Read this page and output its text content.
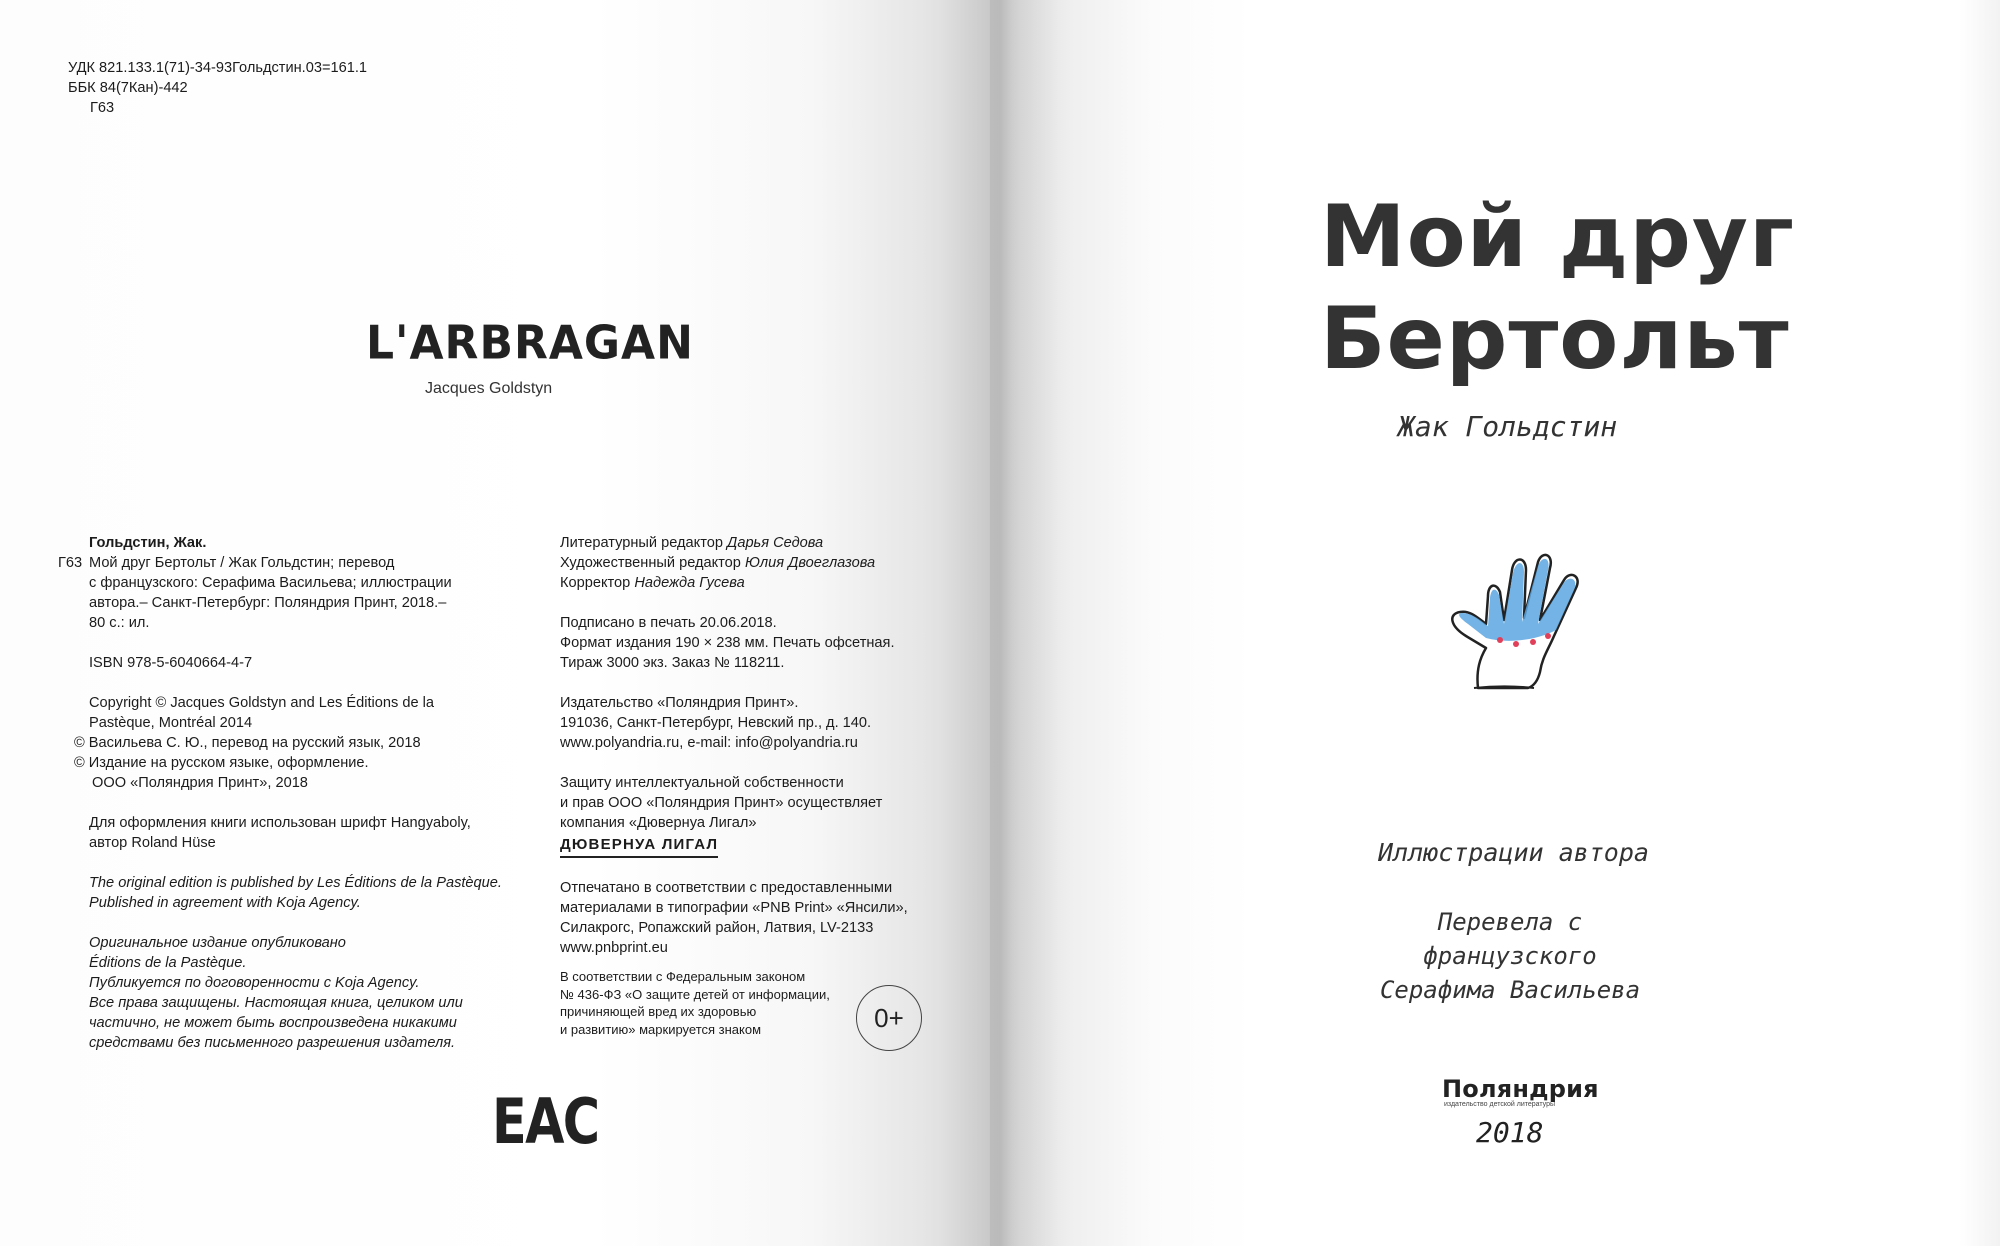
УДК 821.133.1(71)-34-93Гольдстин.03=161.1
ББК 84(7Кан)-442
Г63
L'ARBRAGAN
Jacques Goldstyn
Гольдстин, Жак.
Г63 Мой друг Бертольт / Жак Гольдстин; перевод
с французского: Серафима Васильева; иллюстрации
автора.– Санкт-Петербург: Поляндрия Принт, 2018.–
80 с.: ил.
ISBN 978-5-6040664-4-7
Copyright © Jacques Goldstyn and Les Éditions de la
Pastèque, Montréal 2014
© Васильева С. Ю., перевод на русский язык, 2018
© Издание на русском языке, оформление.
ООО «Поляндрия Принт», 2018
Для оформления книги использован шрифт Hangyaboly,
автор Roland Hüse
The original edition is published by Les Éditions de la Pastèque.
Published in agreement with Koja Agency.
Оригинальное издание опубликовано
Éditions de la Pastèque.
Публикуется по договоренности с Koja Agency.
Все права защищены. Настоящая книга, целиком или
частично, не может быть воспроизведена никакими
средствами без письменного разрешения издателя.
Литературный редактор Дарья Седова
Художественный редактор Юлия Двоеглазова
Корректор Надежда Гусева
Подписано в печать 20.06.2018.
Формат издания 190 × 238 мм. Печать офсетная.
Тираж 3000 экз. Заказ № 118211.
Издательство «Поляндрия Принт».
191036, Санкт-Петербург, Невский пр., д. 140.
www.polyandria.ru, e-mail: info@polyandria.ru
Защиту интеллектуальной собственности
и прав ООО «Поляндрия Принт» осуществляет
компания «Дювернуа Лигал»
ДЮВЕРНУА ЛИГАЛ
Отпечатано в соответствии с предоставленными
материалами в типографии «PNB Print» «Янсили»,
Силакрогс, Ропажский район, Латвия, LV-2133
www.pnbprint.eu
В соответствии с Федеральным законом
№ 436-ФЗ «О защите детей от информации,
причиняющей вред их здоровью
и развитию» маркируется знаком	0+
ЕАС
Мой друг
Бертольт
Жак Гольдстин
Иллюстрации автора
Перевела с французского
Серафима Васильева
Поляндрия
издательство детской литературы
2018
